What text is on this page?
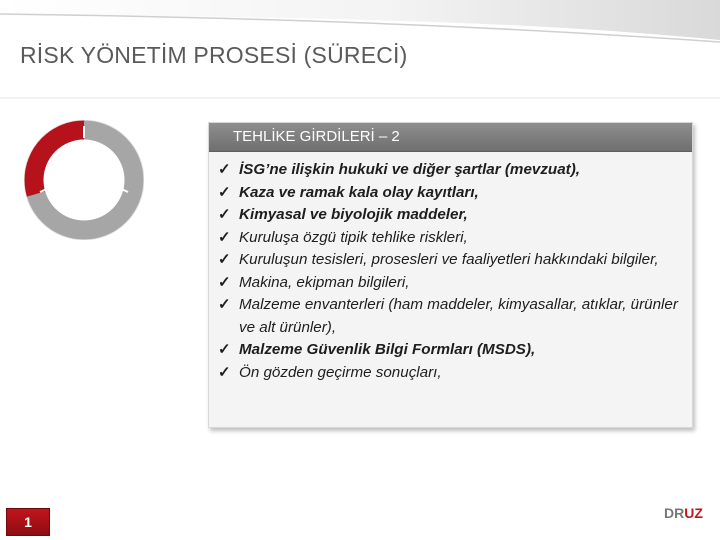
RİSK YÖNETİM PROSESİ (SÜRECİ)
TEHLİKE GİRDİLERİ – 2
✓ İSG’ne ilişkin hukuki ve diğer şartlar (mevzuat),
✓ Kaza ve ramak kala olay kayıtları,
✓ Kimyasal ve biyolojik maddeler,
✓ Kuruluşa özgü tipik tehlike riskleri,
✓ Kuruluşun tesisleri, prosesleri ve faaliyetleri hakkındaki bilgiler,
✓ Makina, ekipman bilgileri,
✓ Malzeme envanterleri (ham maddeler, kimyasallar, atıklar, ürünler ve alt ürünler),
✓ Malzeme Güvenlik Bilgi Formları (MSDS),
✓ Ön gözden geçirme sonuçları,
1
DRUZ
